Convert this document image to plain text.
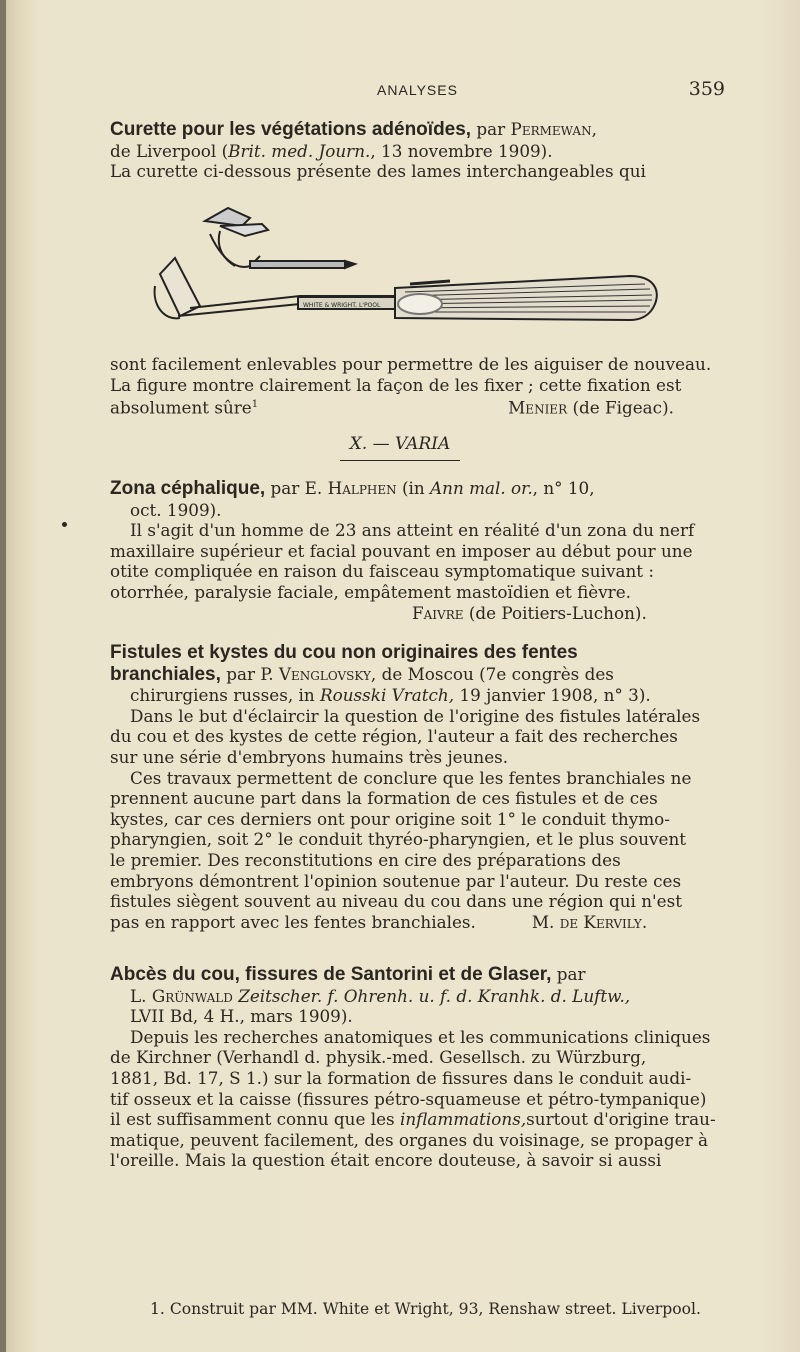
ANALYSES	359
Curette pour les végétations adénoïdes, par Permewan,
de Liverpool (Brit. med. Journ., 13 novembre 1909).
La curette ci-dessous présente des lames interchangeables qui
WHITE & WRIGHT. L'POOL
sont facilement enlevables pour permettre de les aiguiser de nouveau.
La figure montre clairement la façon de les fixer ; cette fixation est
absolument sûre$^1$	Menier (de Figeac).
X. — VARIA
Zona céphalique, par E. Halphen (in Ann mal. or., n° 10,
oct. 1909).
Il s'agit d'un homme de 23 ans atteint en réalité d'un zona du nerf
maxillaire supérieur et facial pouvant en imposer au début pour une
otite compliquée en raison du faisceau symptomatique suivant :
otorrhée, paralysie faciale, empâtement mastoïdien et fièvre.
Faivre (de Poitiers-Luchon).
Fistules et kystes du cou non originaires des fentes
branchiales, par P. Venglovsky, de Moscou (7e congrès des
chirurgiens russes, in Rousski Vratch, 19 janvier 1908, n° 3).
Dans le but d'éclaircir la question de l'origine des fistules latérales
du cou et des kystes de cette région, l'auteur a fait des recherches
sur une série d'embryons humains très jeunes.
Ces travaux permettent de conclure que les fentes branchiales ne
prennent aucune part dans la formation de ces fistules et de ces
kystes, car ces derniers ont pour origine soit 1° le conduit thymo-
pharyngien, soit 2° le conduit thyréo-pharyngien, et le plus souvent
le premier. Des reconstitutions en cire des préparations des
embryons démontrent l'opinion soutenue par l'auteur. Du reste ces
fistules siègent souvent au niveau du cou dans une région qui n'est
pas en rapport avec les fentes branchiales.	M. de Kervily.
Abcès du cou, fissures de Santorini et de Glaser, par
L. Grünwald Zeitscher. f. Ohrenh. u. f. d. Kranhk. d. Luftw.,
LVII Bd, 4 H., mars 1909).
Depuis les recherches anatomiques et les communications cliniques
de Kirchner (Verhandl d. physik.-med. Gesellsch. zu Würzburg,
1881, Bd. 17, S 1.) sur la formation de fissures dans le conduit audi-
tif osseux et la caisse (fissures pétro-squameuse et pétro-tympanique)
il est suffisamment connu que les inflammations,surtout d'origine trau-
matique, peuvent facilement, des organes du voisinage, se propager à
l'oreille. Mais la question était encore douteuse, à savoir si aussi
1. Construit par MM. White et Wright, 93, Renshaw street. Liverpool.
